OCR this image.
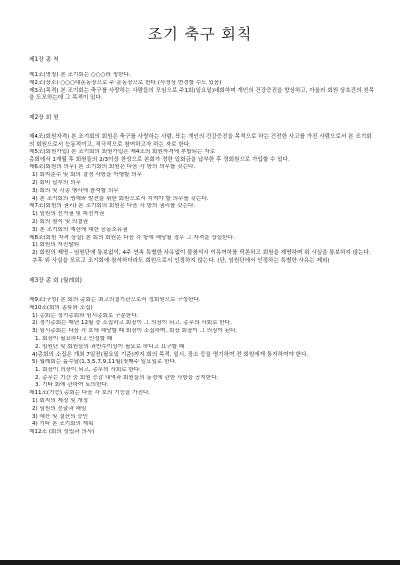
조기 축구 회칙
제1장 총 칙
제1조(명칭) 본 조기회는 ○○○라 칭한다.
제2조(장소) ○○○대운동장으로 주 운동장으로 한다.(사정상 변경할 수도 있음)
제3조(목적) 본 조기회는 축구를 사랑하는 사람들의 모임으로 주1회(일요일)대회하며 개인의 건강증진을 향상하고, 아울러 회원 상호간의 친목을 도모하는데 그 목적이 있다.
제2장 회 원
제4조(회원자격) 본 조기회의 회원은 축구를 사랑하는 사람, 또는 개인의 건강증진을 목적으로 하는 건전한 사고를 가진 사람으로서 본 조기회의 회원으로서 능동적이고, 적극적으로 참여하고자 하는 자로 한다.
제5조(회원가입) 본 조기회의 회원가입은 제4조의 회원자격에 부합되는 자로
총회에서 1개월 후 회원들의 2/3이상 찬성으로 본회가 정한 입회금을 납부한 후 정회원으로 가입할 수 있다.
제6조(회원의 의무) 본 조기회의 회원은 다음 각 항의 의무를 갖는다.
1) 회칙준수 및 회의 결정 사항을 이행할 의무
2) 회비 납부의 의무
3) 회의 및 각종 행사에 참석할 의무
4) 본 조기회의 명예와 발전을 위한 회원으로서 지켜야 할 의무를 갖는다.
제7조(회원의 권리) 본 조기회의 회원은 다음 각 항의 권리를 갖는다.
1) 임원의 선거권 및 피선거권
2) 회의 참석 및 의결권
3) 본 조기회의 재산에 대한 공동소유권
제8조(회원 자격 상실) 본 회의 회원은 다음 각 항에 해당될 경우 그 자격을 상실한다.
1) 회원의 자진탈퇴
2) 회원의 제명 - 임원단에 통보없이, 4주 연속 특별한 사유없이 불참석시 이유여하를 막론하고 회원을 제명하며 위 사실을 통보하지 않는다. 추후 위 사실을 모르고 조기회에 참석하더라도 회원으로서 인정하지 않는다. (단, 임원단에서 인정하는 특별한 사유는 제외)
제3장 총 회 (월례회)
제9조(구성) 본 회의 총회는 최고의결기관으로서 정회원으로 구성한다.
제10조(회의 종류와 소집)
1) 총회는 정기총회와 임시총회로 구분한다.
2) 정기총회는 매년 12월 중 소집하고 회장이 그 의장이 되고, 총무의 사회로 한다.
3) 임시총회는 다음 각 호에 해당할 때 회장이 소집하며, 회장 회장이 그 의장이 된다.
1. 회장이 필요하다고 인정할 때
2. 임원단 및 회원들의 과반수이상이 필요로 하다고 요구할 때
4)총회의 소집은 개최 7일전(필요일 기준)까지 회의 목적, 일시, 장소 등을 명기하여 전 회원에게 통지하여야 한다.
5) 월례회는 홀수달(1,3,5,7,9,11월)첫째주 일요일로 한다.
1. 회장이 의장이 되고, 총무의 사회로 한다.
2. 총무는 기간 중 회원 증감 내역과 회원들의 동정에 관한 사항을 공지한다.
3. 기타 회에 관하여 토의한다.
제11조(기능) 총회는 다음 각 호의 기능을 가진다.
1) 회칙의 제정 및 개정
2) 임원의 선출과 해임
3) 예산 및 결산의 승인
4) 기타 본 조기회의 계획
제12조 (회의 성립과 의사)
